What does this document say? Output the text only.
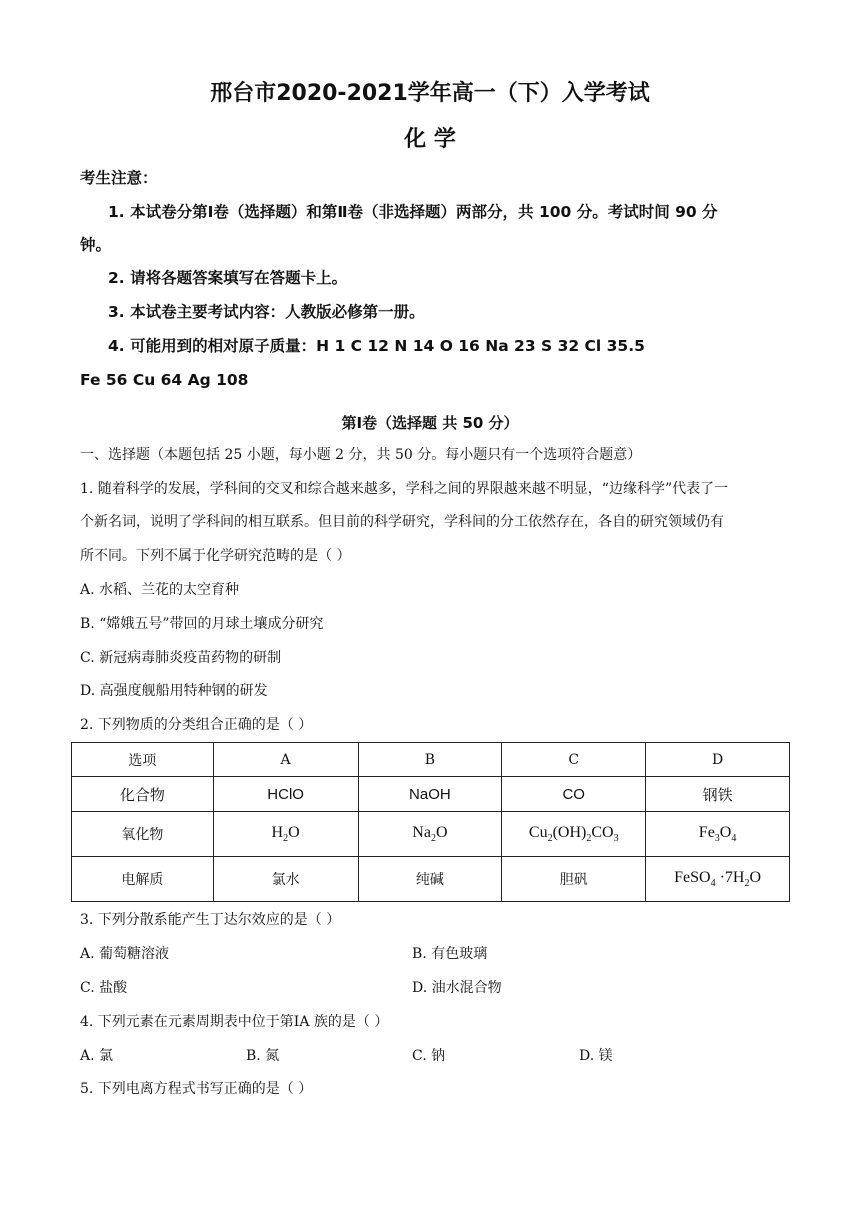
邢台市2020-2021学年高一（下）入学考试
化 学
考生注意：
1. 本试卷分第Ⅰ卷（选择题）和第Ⅱ卷（非选择题）两部分，共 100 分。考试时间 90 分
钟。
2. 请将各题答案填写在答题卡上。
3. 本试卷主要考试内容：人教版必修第一册。
4. 可能用到的相对原子质量：H 1 C 12 N 14 O 16 Na 23 S 32 Cl 35.5
Fe 56 Cu 64 Ag 108
第Ⅰ卷（选择题 共 50 分）
一、选择题（本题包括 25 小题，每小题 2 分，共 50 分。每小题只有一个选项符合题意）
1. 随着科学的发展，学科间的交叉和综合越来越多，学科之间的界限越来越不明显，“边缘科学”代表了一
个新名词，说明了学科间的相互联系。但目前的科学研究，学科间的分工依然存在，各自的研究领域仍有
所不同。下列不属于化学研究范畴的是（ ）
A. 水稻、兰花的太空育种
B. “嫦娥五号”带回的月球土壤成分研究
C. 新冠病毒肺炎疫苗药物的研制
D. 高强度舰船用特种钢的研发
2. 下列物质的分类组合正确的是（ ）
选项	A	B	C	D
化合物	HClO	NaOH	CO	钢铁
氧化物	$H_2O$	$Na_2O$	$Cu_2(OH)_2CO_3$	$Fe_3O_4$
电解质	氯水	纯碱	胆矾	FeSO$_4$ $\cdot 7H_2O$
3. 下列分散系能产生丁达尔效应的是（ ）
A. 葡萄糖溶液	B. 有色玻璃
C. 盐酸	D. 油水混合物
4. 下列元素在元素周期表中位于第ⅠA 族的是（ ）
A. 氯	B. 氮	C. 钠	D. 镁
5. 下列电离方程式书写正确的是（ ）
